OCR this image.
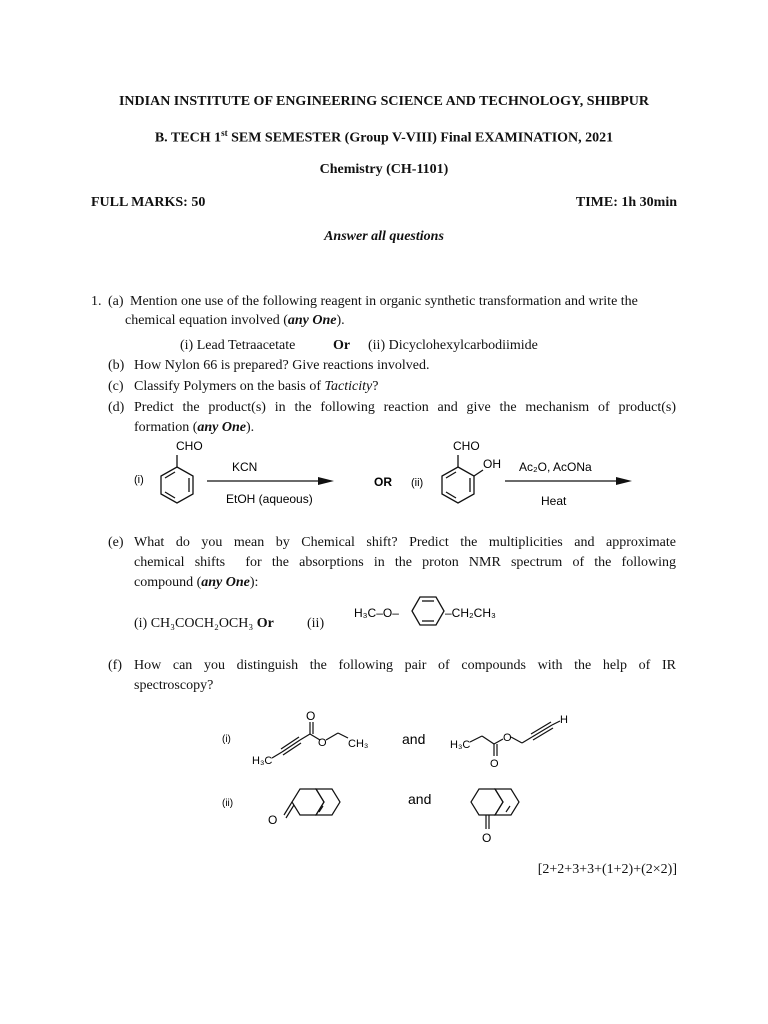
INDIAN INSTITUTE OF ENGINEERING SCIENCE AND TECHNOLOGY, SHIBPUR
B. TECH 1st SEM SEMESTER (Group V-VIII) Final EXAMINATION, 2021
Chemistry (CH-1101)
FULL MARKS: 50	TIME: 1h 30min
Answer all questions
1. (a) Mention one use of the following reagent in organic synthetic transformation and write the
chemical equation involved (any One).
(i) Lead Tetraacetate	Or (ii) Dicyclohexylcarbodiimide
(b) How Nylon 66 is prepared? Give reactions involved.
(c) Classify Polymers on the basis of Tacticity?
(d) Predict the product(s) in the following reaction and give the mechanism of product(s)
formation (any One).
(i)
CHO
KCN
EtOH (aqueous)
OR (ii)
CHO
OH Ac₂O, AcONa
Heat
(e) What do you mean by Chemical shift? Predict the multiplicities and approximate
chemical shifts  for the absorptions in the proton NMR spectrum of the following
compound (any One):
(i) CH₃COCH₂OCH₃ Or (ii)
H₃C–O–	–CH₂CH₃
(f) How can you distinguish the following pair of compounds with the help of IR
spectroscopy?
(i)
O
O CH₃
H₃C
and H₃C
O
O
H
(ii)
O
and
O
[2+2+3+3+(1+2)+(2×2)]
